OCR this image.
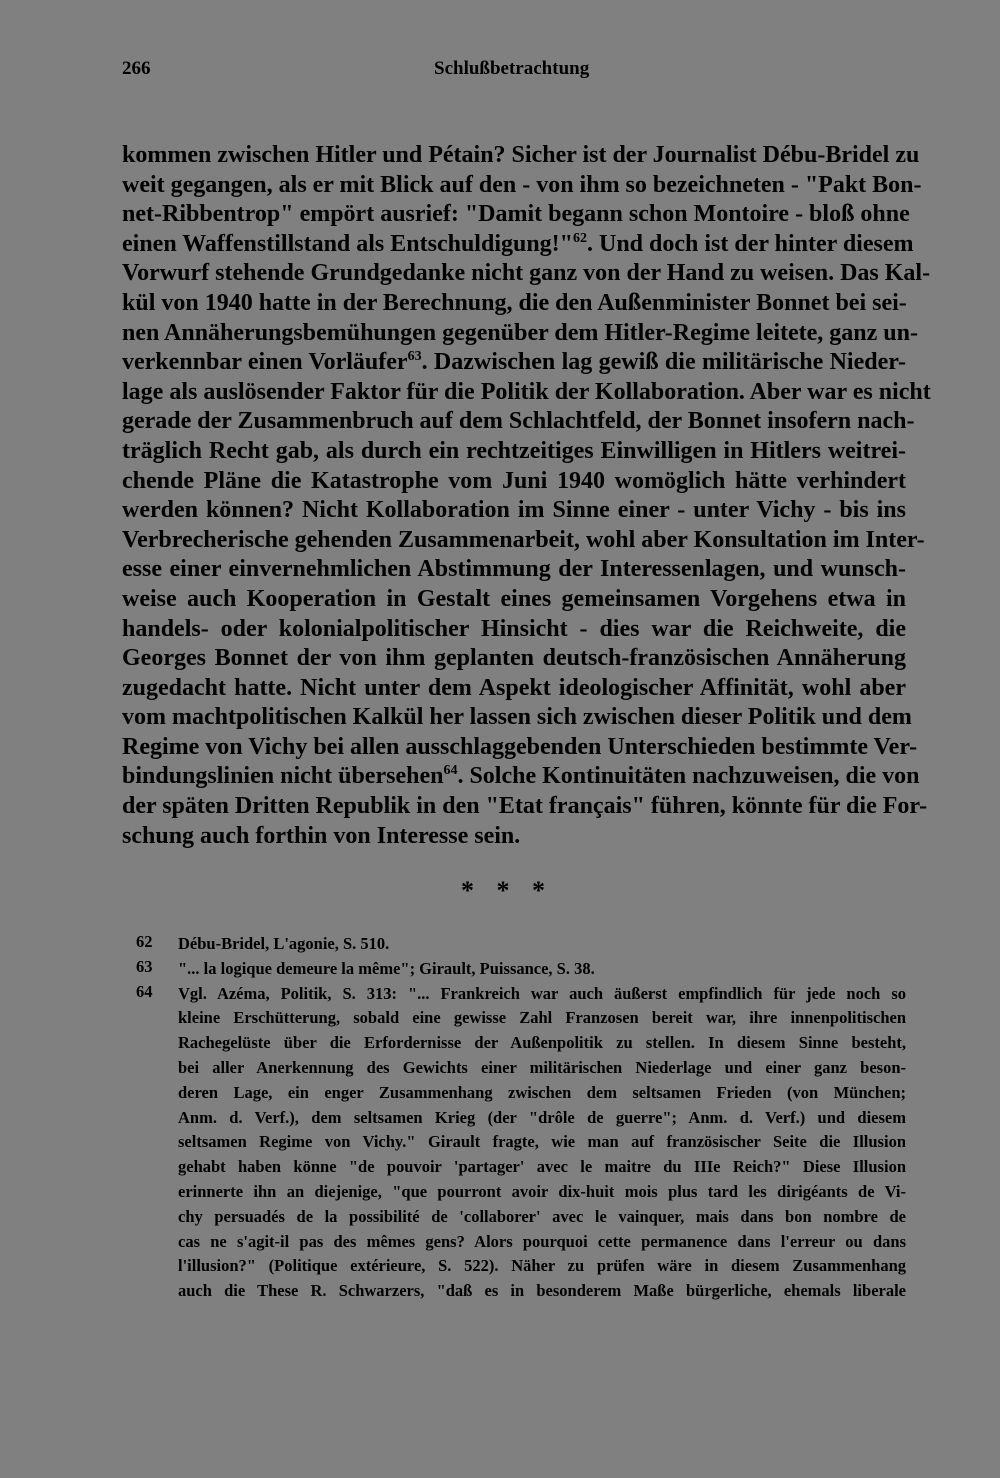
266	Schlußbetrachtung
kommen zwischen Hitler und Pétain? Sicher ist der Journalist Débu-Bridel zu
weit gegangen, als er mit Blick auf den - von ihm so bezeichneten - "Pakt Bon-
net-Ribbentrop" empört ausrief: "Damit begann schon Montoire - bloß ohne
einen Waffenstillstand als Entschuldigung!"$^{62}$. Und doch ist der hinter diesem
Vorwurf stehende Grundgedanke nicht ganz von der Hand zu weisen. Das Kal-
kül von 1940 hatte in der Berechnung, die den Außenminister Bonnet bei sei-
nen Annäherungsbemühungen gegenüber dem Hitler-Regime leitete, ganz un-
verkennbar einen Vorläufer$^{63}$. Dazwischen lag gewiß die militärische Nieder-
lage als auslösender Faktor für die Politik der Kollaboration. Aber war es nicht
gerade der Zusammenbruch auf dem Schlachtfeld, der Bonnet insofern nach-
träglich Recht gab, als durch ein rechtzeitiges Einwilligen in Hitlers weitrei-
chende Pläne die Katastrophe vom Juni 1940 womöglich hätte verhindert
werden können? Nicht Kollaboration im Sinne einer - unter Vichy - bis ins
Verbrecherische gehenden Zusammenarbeit, wohl aber Konsultation im Inter-
esse einer einvernehmlichen Abstimmung der Interessenlagen, und wunsch-
weise auch Kooperation in Gestalt eines gemeinsamen Vorgehens etwa in
handels- oder kolonialpolitischer Hinsicht - dies war die Reichweite, die
Georges Bonnet der von ihm geplanten deutsch-französischen Annäherung
zugedacht hatte. Nicht unter dem Aspekt ideologischer Affinität, wohl aber
vom machtpolitischen Kalkül her lassen sich zwischen dieser Politik und dem
Regime von Vichy bei allen ausschlaggebenden Unterschieden bestimmte Ver-
bindungslinien nicht übersehen$^{64}$. Solche Kontinuitäten nachzuweisen, die von
der späten Dritten Republik in den "Etat français" führen, könnte für die For-
schung auch forthin von Interesse sein.
* * *
62 Débu-Bridel, L'agonie, S. 510.
63 "... la logique demeure la même"; Girault, Puissance, S. 38.
64 Vgl. Azéma, Politik, S. 313: "... Frankreich war auch äußerst empfindlich für jede noch so
kleine Erschütterung, sobald eine gewisse Zahl Franzosen bereit war, ihre innenpolitischen
Rachegelüste über die Erfordernisse der Außenpolitik zu stellen. In diesem Sinne besteht,
bei aller Anerkennung des Gewichts einer militärischen Niederlage und einer ganz beson-
deren Lage, ein enger Zusammenhang zwischen dem seltsamen Frieden (von München;
Anm. d. Verf.), dem seltsamen Krieg (der "drôle de guerre"; Anm. d. Verf.) und diesem
seltsamen Regime von Vichy." Girault fragte, wie man auf französischer Seite die Illusion
gehabt haben könne "de pouvoir 'partager' avec le maitre du IIIe Reich?" Diese Illusion
erinnerte ihn an diejenige, "que pourront avoir dix-huit mois plus tard les dirigéants de Vi-
chy persuadés de la possibilité de 'collaborer' avec le vainquer, mais dans bon nombre de
cas ne s'agit-il pas des mêmes gens? Alors pourquoi cette permanence dans l'erreur ou dans
l'illusion?" (Politique extérieure, S. 522). Näher zu prüfen wäre in diesem Zusammenhang
auch die These R. Schwarzers, "daß es in besonderem Maße bürgerliche, ehemals liberale
